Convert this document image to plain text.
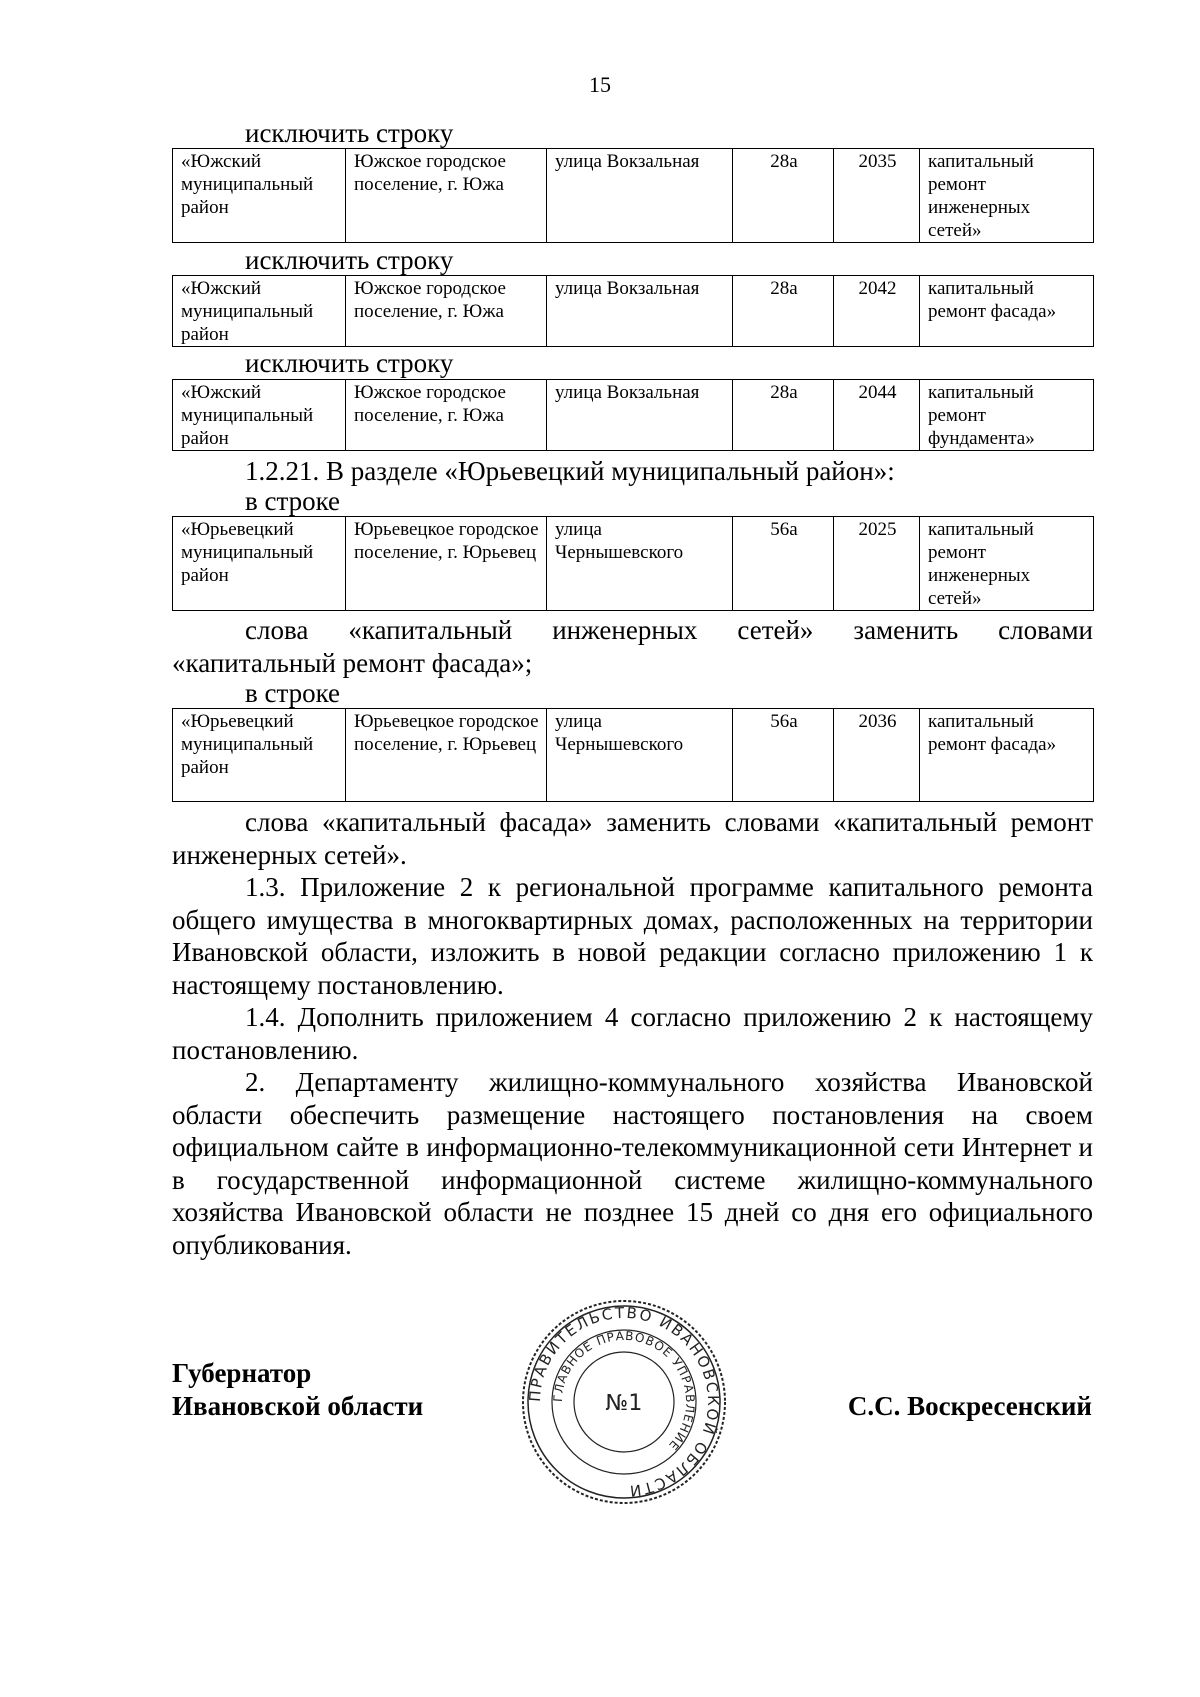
15
исключить строку
«Южский муниципальный район	Южское городское поселение, г. Южа	улица Вокзальная	28а	2035	капитальный ремонт инженерных сетей»
исключить строку
«Южский муниципальный район	Южское городское поселение, г. Южа	улица Вокзальная	28а	2042	капитальный ремонт фасада»
исключить строку
«Южский муниципальный район	Южское городское поселение, г. Южа	улица Вокзальная	28а	2044	капитальный ремонт фундамента»
1.2.21. В разделе «Юрьевецкий муниципальный район»:
в строке
«Юрьевецкий муниципальный район	Юрьевецкое городское поселение, г. Юрьевец	улица Чернышевского	56а	2025	капитальный ремонт инженерных сетей»
слова «капитальный инженерных сетей» заменить словами
«капитальный ремонт фасада»;
в строке
«Юрьевецкий муниципальный район	Юрьевецкое городское поселение, г. Юрьевец	улица Чернышевского	56а	2036	капитальный ремонт фасада»
слова «капитальный фасада» заменить словами «капитальный ремонт инженерных сетей».
1.3. Приложение 2 к региональной программе капитального ремонта общего имущества в многоквартирных домах, расположенных на территории Ивановской области, изложить в новой редакции согласно приложению 1 к настоящему постановлению.
1.4. Дополнить приложением 4 согласно приложению 2 к настоящему постановлению.
2. Департаменту жилищно-коммунального хозяйства Ивановской области обеспечить размещение настоящего постановления на своем официальном сайте в информационно-телекоммуникационной сети Интернет и в государственной информационной системе жилищно-коммунального хозяйства Ивановской области не позднее 15 дней со дня его официального опубликования.
Губернатор
Ивановской области	С.С. Воскресенский
ПРАВИТЕЛЬСТВО ИВАНОВСКОЙ ОБЛАСТИ
ГЛАВНОЕ ПРАВОВОЕ УПРАВЛЕНИЕ
№1
